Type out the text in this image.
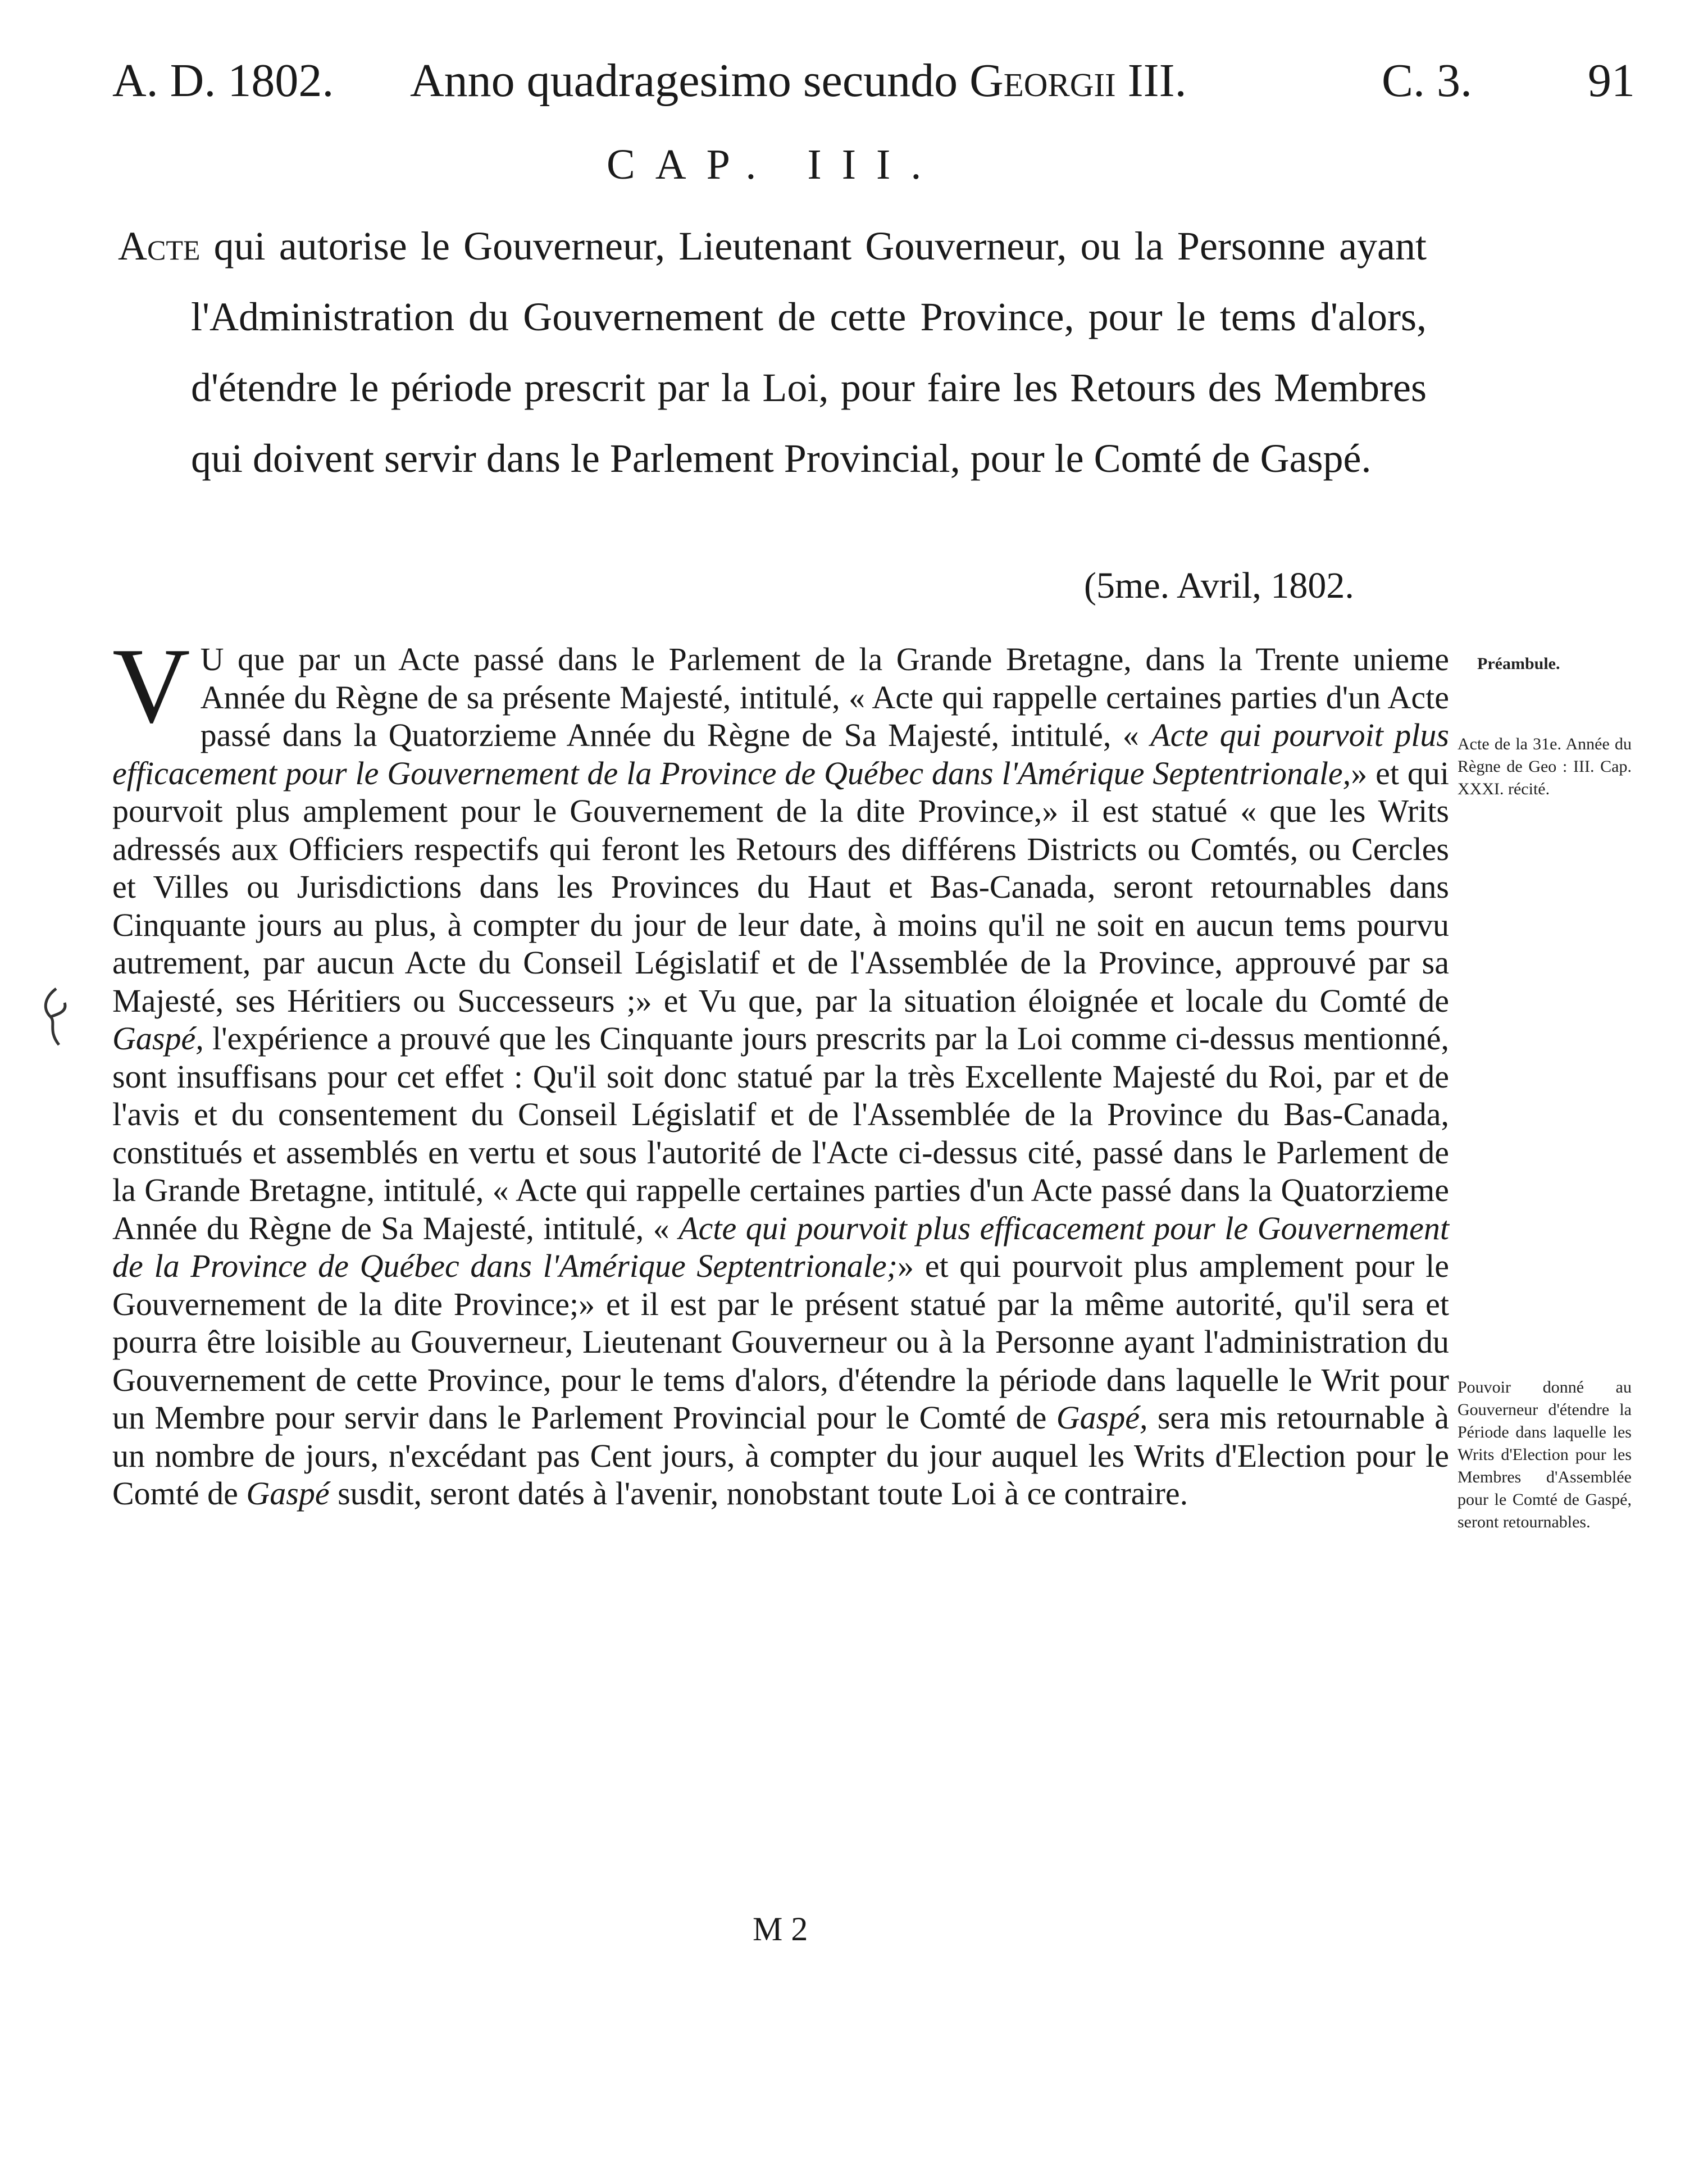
A. D. 1802. Anno quadragesimo secundo Georgii III.	C. 3. 91
CAP. III.
Acte qui autorise le Gouverneur, Lieutenant Gouverneur, ou la Personne ayant l'Administration du Gouvernement de cette Province, pour le tems d'alors, d'étendre le période prescrit par la Loi, pour faire les Retours des Membres qui doivent servir dans le Parlement Provincial, pour le Comté de Gaspé.
(5me. Avril, 1802.

V U que par un Acte passé dans le Parlement de la Grande Bretagne, dans la Trente unieme Année du Règne de sa présente Majesté, intitulé, « Acte qui rappelle certaines parties d'un Acte passé dans la Quatorzieme Année du Règne de Sa Majesté, intitulé, « Acte qui pourvoit plus efficacement pour le Gouvernement de la Province de Québec dans l'Amérique Septentrionale,» et qui pourvoit plus amplement pour le Gouvernement de la dite Province,» il est statué « que les Writs adressés aux Officiers respectifs qui feront les Retours des différens Districts ou Comtés, ou Cercles et Villes ou Jurisdictions dans les Provinces du Haut et Bas-Canada, seront retournables dans Cinquante jours au plus, à compter du jour de leur date, à moins qu'il ne soit en aucun tems pourvu autrement, par aucun Acte du Conseil Législatif et de l'Assemblée de la Province, approuvé par sa Majesté, ses Héritiers ou Successeurs ;» et Vu que, par la situation éloignée et locale du Comté de Gaspé, l'expérience a prouvé que les Cinquante jours prescrits par la Loi comme ci-dessus mentionné, sont insuffisans pour cet effet : Qu'il soit donc statué par la très Excellente Majesté du Roi, par et de l'avis et du consentement du Conseil Législatif et de l'Assemblée de la Province du Bas-Canada, constitués et assemblés en vertu et sous l'autorité de l'Acte ci-dessus cité, passé dans le Parlement de la Grande Bretagne, intitulé, « Acte qui rappelle certaines parties d'un Acte passé dans la Quatorzieme Année du Règne de Sa Majesté, intitulé, « Acte qui pourvoit plus efficacement pour le Gouvernement de la Province de Québec dans l'Amérique Septentrionale;» et qui pourvoit plus amplement pour le Gouvernement de la dite Province;» et il est par le présent statué par la même autorité, qu'il sera et pourra être loisible au Gouverneur, Lieutenant Gouverneur ou à la Personne ayant l'administration du Gouvernement de cette Province, pour le tems d'alors, d'étendre la période dans laquelle le Writ pour un Membre pour servir dans le Parlement Provincial pour le Comté de Gaspé, sera mis retournable à un nombre de jours, n'excédant pas Cent jours, à compter du jour auquel les Writs d'Election pour le Comté de Gaspé susdit, seront datés à l'avenir, nonobstant toute Loi à ce contraire.

Préambule.
Acte de la 31e. Année du Règne de Geo : III. Cap. XXXI. récité.
Pouvoir donné au Gouverneur d'étendre la Période dans laquelle les Writs d'Election pour les Membres d'Assemblée pour le Comté de Gaspé, seront retournables.
M 2
